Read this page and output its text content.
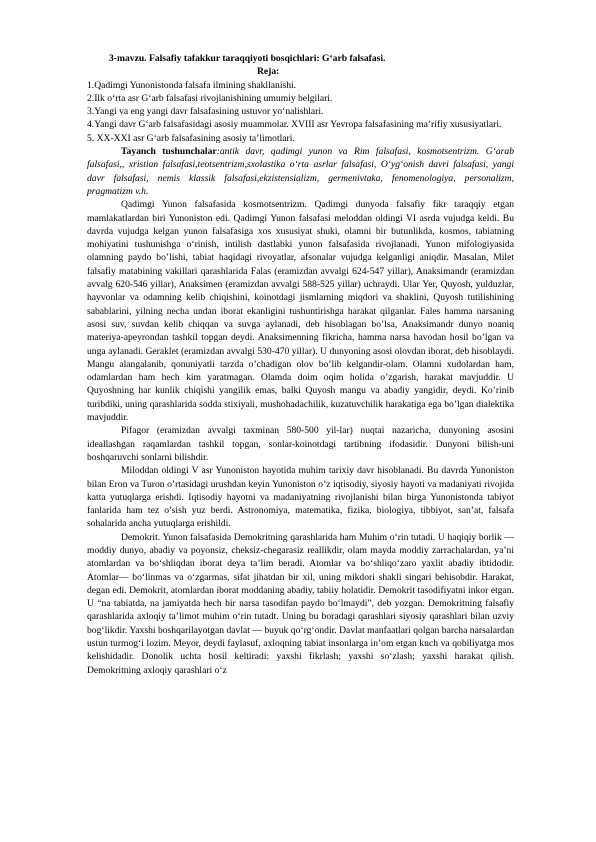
3-mavzu. Falsafiy tafakkur taraqqiyoti bosqichlari: G‘arb falsafasi.

Reja:

1.Qadimgi Yunonistonda falsafa ilmining shakllanishi.

2.Ilk o‘rta asr G‘arb falsafasi rivojlanishining umumiy belgilari.

3.Yangi va eng yangi davr falsafasining ustuvor yo‘nalishlari.

4.Yangi davr G‘arb falsafasidagi asosiy muammolar. XVIII asr Yevropa falsafasining ma’rifiy xususiyatlari.

5. XX-XXI asr G‘arb falsafasining asosiy ta’limotlari.

Tayanch tushunchalar:antik davr, qadimgi yunon va Rim falsafasi, kosmotsentrizm. G‘arab falsafasi,, xristian falsafasi,teotsentrizm,sxolastika o‘rta asrlar falsafasi, O‘yg‘onish davri falsafasi, yangi davr falsafasi, nemis klassik falsafasi,ekzistensializm, germenivtaka, fenomenologiya, personalizm, pragmatizm v.h.

Qadimgi Yunon falsafasida kosmotsentrizm. Qadimgi dunyoda falsafiy fikr taraqqiy etgan mamlakatlardan biri Yunoniston edi. Qadimgi Yunon falsafasi meloddan oldingi VI asrda vujudga keldi. Bu davrda vujudga kelgan yunon falsafasiga xos xususiyat shuki, olamni bir butunlikda, kosmos, tabiatning mohiyatini tushunishga o‘rinish, intilish dastlabki yunon falsafasida rivojlanadi. Yunon mifologiyasida olamning paydo bo’lishi, tabiat haqidagi rivoyatlar, afsonalar vujudga kelganligi aniqdir. Masalan, Milet falsafiy matabining vakillari qarashlarida Falas (eramizdan avvalgi 624-547 yillar), Anaksimandr (eramizdan avvalg 620-546 yillar), Anaksimen (eramizdan avvalgi 588-525 yillar) uchraydi. Ular Yer, Quyosh, yulduzlar, hayvonlar va odamning kelib chiqishini, koinotdagi jismlarning miqdori va shaklini, Quyosh tutilishining sabablarini, yilning necha undan iborat ekanligini tushuntirishga harakat qilganlar. Fales hamma narsaning asosi suv, suvdan kelib chiqqan va suvga aylanadi, deb hisoblagan bo’lsa, Anaksimandr dunyo noaniq materiya-apeyrondan tashkil topgan deydi. Anaksimenning fikricha, hamma narsa havodan hosil bo’lgan va unga aylanadi. Geraklet (eramizdan avvalgi 530-470 yillar). U dunyoning asosi olovdan iborat, deb hisoblaydi. Mangu alangalanib, qonuniyatli tarzda o’chadigan olov bo’lib kelgandir-olam. Olamni xudolardan ham, odamlardan ham hech kim yaratmagan. Olamda doim oqim holida o’zgarish, harakat mavjuddir. U Quyoshning har kunlik chiqishi yangilik emas, balki Quyosh mangu va abadiy yangidir, deydi. Ko’rinib turibdiki, uning qarashlarida sodda stixiyali, mushohadachilik, kuzatuvchilik harakatiga ega bo’lgan dialektika mavjuddir.

Pifagor (eramizdan avvalgi taxminan 580-500 yil-lar) nuqtai nazaricha, dunyoning asosini ideallashgan raqamlardan tashkil topgan, sonlar-koinotdagi tartibning ifodasidir. Dunyoni bilish-uni boshqaruvchi sonlarni bilishdir.

Miloddan oldingi V asr Yunoniston hayotida muhim tarixiy davr hisoblanadi. Bu davrda Yunoniston bilan Eron va Turon o’rtasidagi urushdan keyin Yunoniston o’z iqtisodiy, siyosiy hayoti va madaniyati rivojida katta yutuqlarga erishdi. Iqtisodiy hayotni va madaniyatning rivojlanishi bilan birga Yunonistonda tabiyot fanlarida ham tez o’sish yuz berdi. Astronomiya, matematika, fizika, biologiya, tibbiyot, san’at, falsafa sohalarida ancha yutuqlarga erishildi.

Demokrit. Yunon falsafasida Demokritning qarashlarida ham Muhim o‘rin tutadi. U haqiqiy borlik — moddiy dunyo, abadiy va poyonsiz, cheksiz-chegarasiz reallikdir, olam mayda moddiy zarrachalardan, ya’ni atomlardan va bo‘shliqdan iborat deya ta’lim beradi. Atomlar va bo‘shliqo‘zaro yaxlit abadiy ibtidodir. Atomlar— bo‘linmas va o‘zgarmas, sifat jihatdan bir xil, uning mikdori shakli singari behisobdir. Harakat, degan edi. Demokrit, atomlardan iborat moddaning abadiy, tabiiy holatidir. Demokrit tasodifiyatni inkor etgan. U “na tabiatda, na jamiyatda hech bir narsa tasodifan paydo bo‘lmaydi”, deb yozgan. Demokritning falsafiy qarashlarida axloqiy ta’limot muhim o‘rin tutadt. Uning bu boradagi qarashlari siyosiy qarashlari bilan uzviy bog‘likdir. Yaxshi boshqarilayotgan davlat — buyuk qo‘rg‘ondir. Davlat manfaatlari qolgan barcha narsalardan ustun turmog‘i lozim. Meyor, deydi faylasuf, axloqning tabiat insonlarga in’om etgan kuch va qobiliyatga mos kelishidadir. Donolik uchta hosil keltiradi: yaxshi fikrlash; yaxshi so‘zlash; yaxshi harakat qilish. Demokritning axloqiy qarashlari o‘z
